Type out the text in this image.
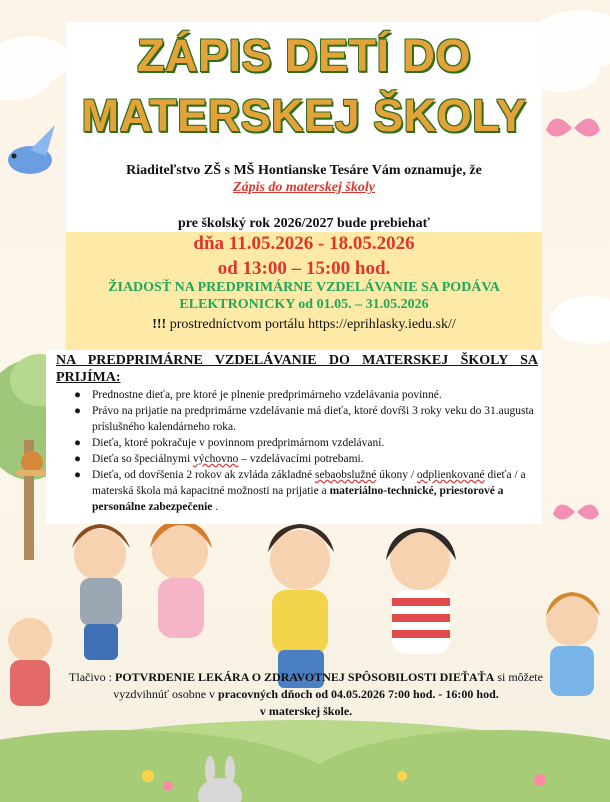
ZÁPIS DETÍ DO
MATERSKEJ ŠKOLY
Riaditeľstvo ZŠ s MŠ Hontianske Tesáre Vám oznamuje, že
Zápis do materskej školy
pre školský rok 2026/2027 bude prebiehať
dňa 11.05.2026 - 18.05.2026
od 13:00 – 15:00 hod.
ŽIADOSŤ NA PREDPRIMÁRNE VZDELÁVANIE SA PODÁVA
ELEKTRONICKY od 01.05. – 31.05.2026
!!! prostredníctvom portálu https://eprihlasky.iedu.sk//
NA PREDPRIMÁRNE VZDELÁVANIE DO MATERSKEJ ŠKOLY SA PRIJÍMA:
● Prednostne dieťa, pre ktoré je plnenie predprimárneho vzdelávania povinné.
● Právo na prijatie na predprimárne vzdelávanie má dieťa, ktoré dovŕši 3 roky veku do 31.augusta príslušného kalendárneho roka.
● Dieťa, ktoré pokračuje v povinnom predprimárnom vzdelávaní.
● Dieťa so špeciálnymi výchovno – vzdelávacími potrebami.
● Dieťa, od dovŕšenia 2 rokov ak zvláda základné sebaobslužné úkony / odplienkované dieťa / a materská škola má kapacitné možnosti na prijatie a materiálno-technické, priestorové a personálne zabezpečenie .
Tlačivo : POTVRDENIE LEKÁRA O ZDRAVOTNEJ SPÔSOBILOSTI DIEŤAŤA si môžete vyzdvihnúť osobne v pracovných dňoch od 04.05.2026 7:00 hod. - 16:00 hod.
v materskej škole.
